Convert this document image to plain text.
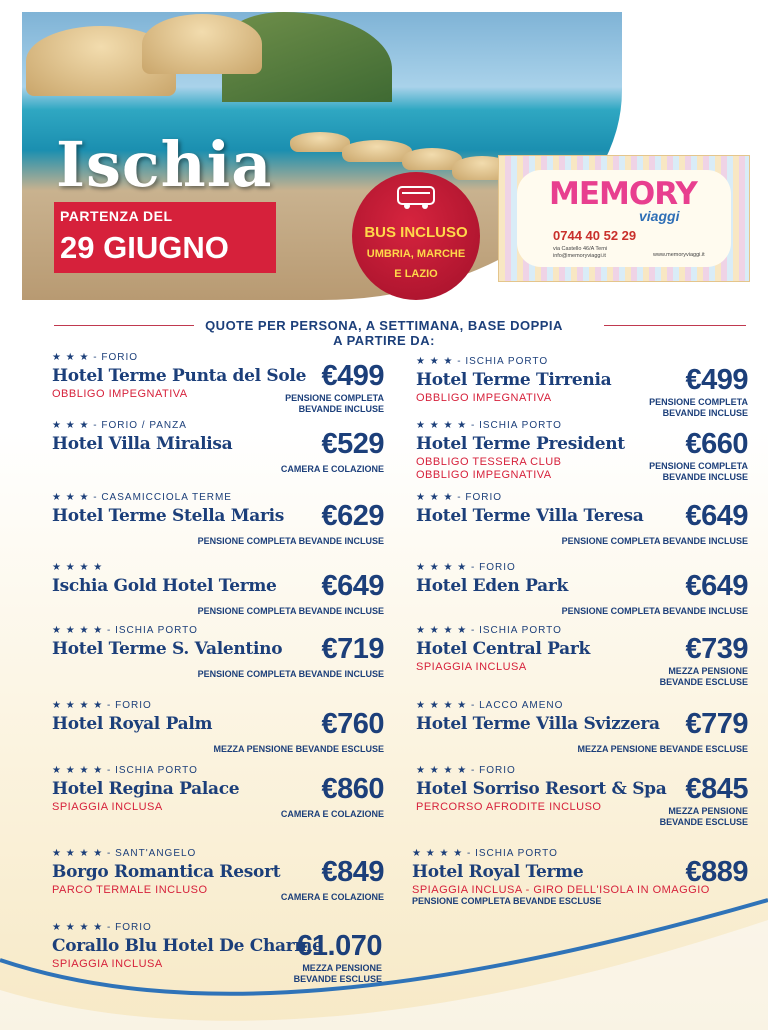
Ischia
PARTENZA DEL
29 GIUGNO	BUS INCLUSO
UMBRIA, MARCHE
E LAZIO
MEMORY
viaggi
0744 40 52 29
via Castello 46/A Terni
info@memoryviaggi.it	www.memoryviaggi.it
QUOTE PER PERSONA, A SETTIMANA, BASE DOPPIA
A PARTIRE DA:
★ ★ ★ - FORIO
Hotel Terme Punta del Sole
OBBLIGO IMPEGNATIVA
€499
PENSIONE COMPLETA
BEVANDE INCLUSE
★ ★ ★ - ISCHIA PORTO
Hotel Terme Tirrenia
OBBLIGO IMPEGNATIVA
€499
PENSIONE COMPLETA
BEVANDE INCLUSE
★ ★ ★ - FORIO / PANZA
Hotel Villa Miralisa	€529
CAMERA E COLAZIONE
★ ★ ★ ★ - ISCHIA PORTO
Hotel Terme President
OBBLIGO TESSERA CLUB
OBBLIGO IMPEGNATIVA
€660
PENSIONE COMPLETA
BEVANDE INCLUSE
★ ★ ★ - CASAMICCIOLA TERME
Hotel Terme Stella Maris €629
PENSIONE COMPLETA BEVANDE INCLUSE
★ ★ ★ - FORIO
Hotel Terme Villa Teresa €649
PENSIONE COMPLETA BEVANDE INCLUSE
★ ★ ★ ★
Ischia Gold Hotel Terme €649
PENSIONE COMPLETA BEVANDE INCLUSE
★ ★ ★ ★ - FORIO
Hotel Eden Park	€649
PENSIONE COMPLETA BEVANDE INCLUSE
★ ★ ★ ★ - ISCHIA PORTO
Hotel Terme S. Valentino €719
PENSIONE COMPLETA BEVANDE INCLUSE
★ ★ ★ ★ - ISCHIA PORTO
Hotel Central Park
SPIAGGIA INCLUSA
€739
MEZZA PENSIONE
BEVANDE ESCLUSE
★ ★ ★ ★ - FORIO
Hotel Royal Palm	€760
MEZZA PENSIONE BEVANDE ESCLUSE
★ ★ ★ ★ - LACCO AMENO
Hotel Terme Villa Svizzera €779
MEZZA PENSIONE BEVANDE ESCLUSE
★ ★ ★ ★ - ISCHIA PORTO
Hotel Regina Palace
SPIAGGIA INCLUSA
€860
CAMERA E COLAZIONE
★ ★ ★ ★ - FORIO
Hotel Sorriso Resort & Spa
PERCORSO AFRODITE INCLUSO
€845
MEZZA PENSIONE
BEVANDE ESCLUSE
★ ★ ★ ★ - SANT'ANGELO
Borgo Romantica Resort
PARCO TERMALE INCLUSO
€849
CAMERA E COLAZIONE
★ ★ ★ ★ - ISCHIA PORTO
Hotel Royal Terme
SPIAGGIA INCLUSA - GIRO DELL'ISOLA IN OMAGGIO
€889
PENSIONE COMPLETA BEVANDE ESCLUSE
★ ★ ★ ★ - FORIO
Corallo Blu Hotel De Charme
SPIAGGIA INCLUSA
€1.070
MEZZA PENSIONE
BEVANDE ESCLUSE
